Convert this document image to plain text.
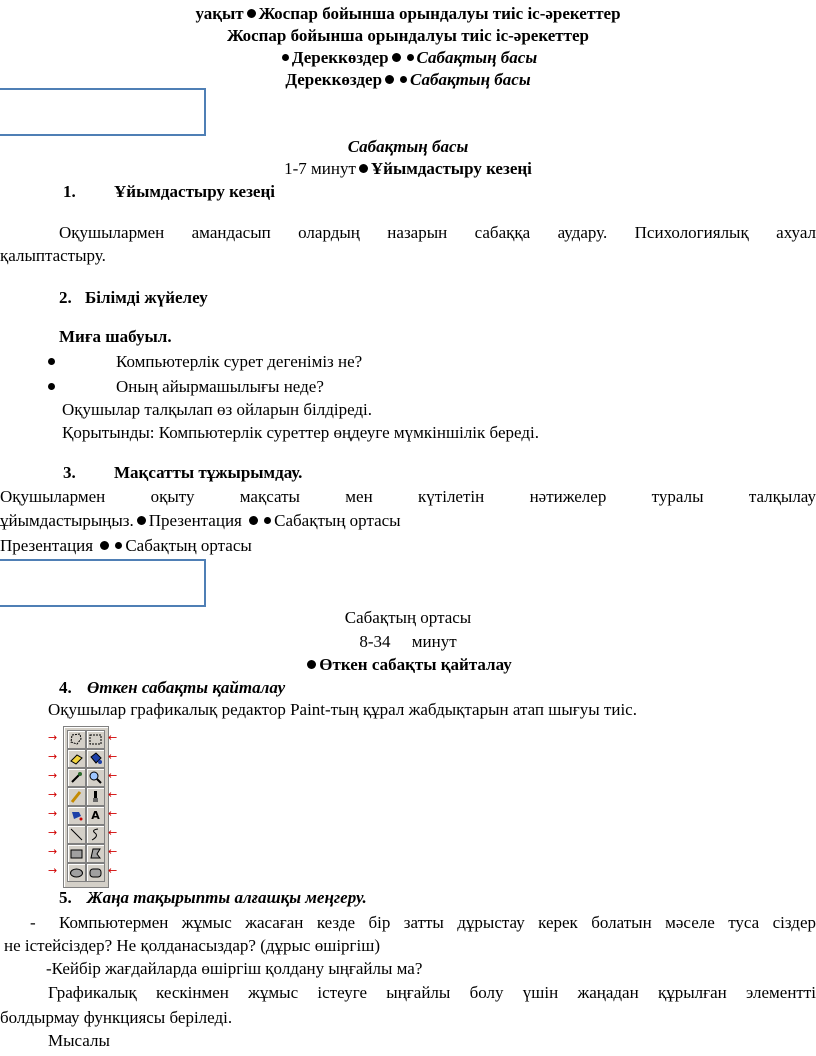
уақыт Жоспар бойынша орындалуы тиіс іс-әрекеттер
Жоспар бойынша орындалуы тиіс іс-әрекеттер
Дереккөздер Сабақтың басы
Дереккөздер Сабақтың басы
Сабақтың басы
1-7 минут Ұйымдастыру кезеңі
1. Ұйымдастыру кезеңі
Оқушылармен амандасып олардың назарын сабаққа аудару. Психологиялық ахуал
қалыптастыру.
2. Білімді жүйелеу
Миға шабуыл.
Компьютерлік сурет дегеніміз не?
Оның айырмашылығы неде?
Оқушылар талқылап өз ойларын білдіреді.
Қорытынды: Компьютерлік суреттер өңдеуге мүмкіншілік береді.
3. Мақсатты тұжырымдау.
Оқушылармен оқыту мақсаты мен күтілетін нәтижелер туралы талқылау
ұйымдастырыңыз. Презентация Сабақтың ортасы
Презентация Сабақтың ортасы
Сабақтың ортасы
8-34     минут
Өткен сабақты қайталау
4. Өткен сабақты қайталау
Оқушылар графикалық редактор Paint-тың құрал жабдықтарын атап шығуы тиіс.
A
→
→
→
→
→
→
→
→
←
←
←
←
←
←
←
←
5. Жаңа тақырыпты алғашқы меңгеру.
- Компьютермен жұмыс жасаған кезде бір затты дұрыстау керек болатын мәселе туса сіздер
не істейсіздер? Не қолданасыздар? (дұрыс өшіргіш)
-Кейбір жағдайларда өшіргіш қолдану ыңғайлы ма?
Графикалық кескінмен жұмыс істеуге ыңғайлы болу үшін жаңадан құрылған элементті
болдырмау функциясы беріледі.
Мысалы
